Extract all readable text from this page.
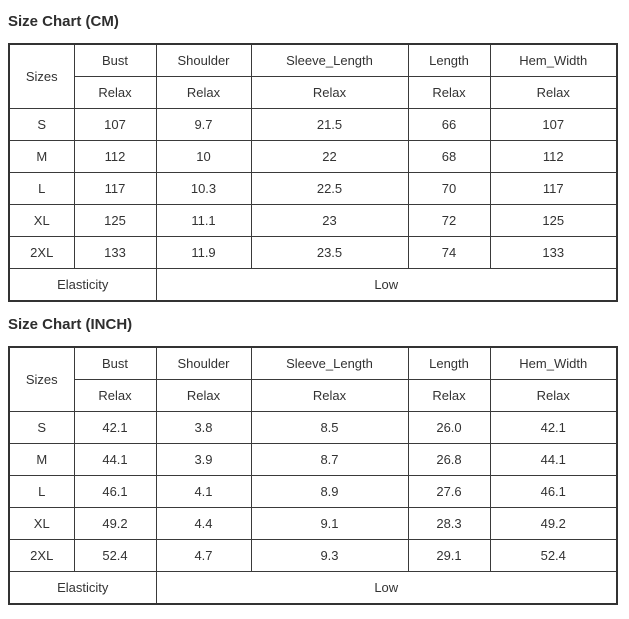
Size Chart (CM)
Sizes	Bust	Shoulder	Sleeve_Length	Length	Hem_Width
	Relax	Relax	Relax	Relax	Relax
S	107	9.7	21.5	66	107
M	112	10	22	68	112
L	117	10.3	22.5	70	117
XL	125	11.1	23	72	125
2XL	133	11.9	23.5	74	133
Elasticity		Low			
Size Chart (INCH)
Sizes	Bust	Shoulder	Sleeve_Length	Length	Hem_Width
	Relax	Relax	Relax	Relax	Relax
S	42.1	3.8	8.5	26.0	42.1
M	44.1	3.9	8.7	26.8	44.1
L	46.1	4.1	8.9	27.6	46.1
XL	49.2	4.4	9.1	28.3	49.2
2XL	52.4	4.7	9.3	29.1	52.4
Elasticity		Low			
